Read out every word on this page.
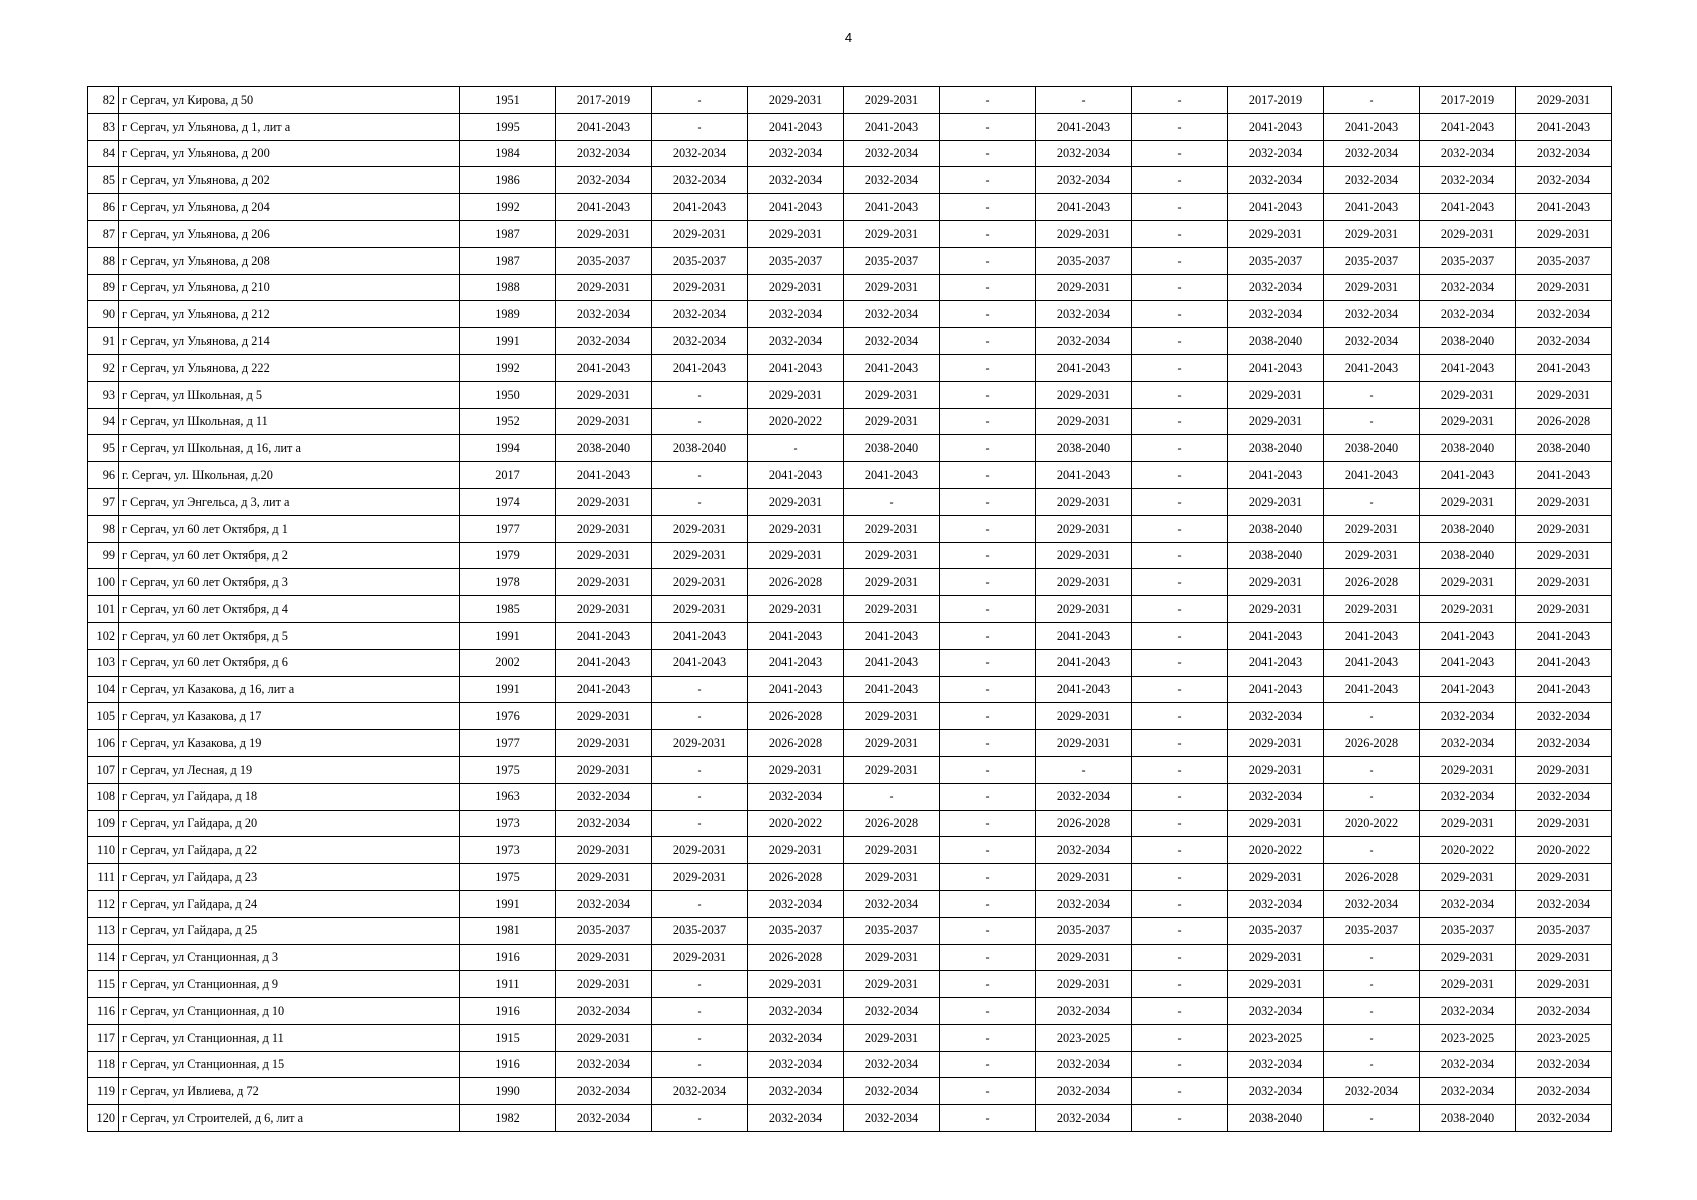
4
82	г Сергач, ул Кирова, д 50	1951	2017-2019	-	2029-2031	2029-2031	-	-	-	2017-2019	-	2017-2019	2029-2031
83	г Сергач, ул Ульянова, д 1, лит а	1995	2041-2043	-	2041-2043	2041-2043	-	2041-2043	-	2041-2043	2041-2043	2041-2043	2041-2043
84	г Сергач, ул Ульянова, д 200	1984	2032-2034	2032-2034	2032-2034	2032-2034	-	2032-2034	-	2032-2034	2032-2034	2032-2034	2032-2034
85	г Сергач, ул Ульянова, д 202	1986	2032-2034	2032-2034	2032-2034	2032-2034	-	2032-2034	-	2032-2034	2032-2034	2032-2034	2032-2034
86	г Сергач, ул Ульянова, д 204	1992	2041-2043	2041-2043	2041-2043	2041-2043	-	2041-2043	-	2041-2043	2041-2043	2041-2043	2041-2043
87	г Сергач, ул Ульянова, д 206	1987	2029-2031	2029-2031	2029-2031	2029-2031	-	2029-2031	-	2029-2031	2029-2031	2029-2031	2029-2031
88	г Сергач, ул Ульянова, д 208	1987	2035-2037	2035-2037	2035-2037	2035-2037	-	2035-2037	-	2035-2037	2035-2037	2035-2037	2035-2037
89	г Сергач, ул Ульянова, д 210	1988	2029-2031	2029-2031	2029-2031	2029-2031	-	2029-2031	-	2032-2034	2029-2031	2032-2034	2029-2031
90	г Сергач, ул Ульянова, д 212	1989	2032-2034	2032-2034	2032-2034	2032-2034	-	2032-2034	-	2032-2034	2032-2034	2032-2034	2032-2034
91	г Сергач, ул Ульянова, д 214	1991	2032-2034	2032-2034	2032-2034	2032-2034	-	2032-2034	-	2038-2040	2032-2034	2038-2040	2032-2034
92	г Сергач, ул Ульянова, д 222	1992	2041-2043	2041-2043	2041-2043	2041-2043	-	2041-2043	-	2041-2043	2041-2043	2041-2043	2041-2043
93	г Сергач, ул Школьная, д 5	1950	2029-2031	-	2029-2031	2029-2031	-	2029-2031	-	2029-2031	-	2029-2031	2029-2031
94	г Сергач, ул Школьная, д 11	1952	2029-2031	-	2020-2022	2029-2031	-	2029-2031	-	2029-2031	-	2029-2031	2026-2028
95	г Сергач, ул Школьная, д 16, лит а	1994	2038-2040	2038-2040	-	2038-2040	-	2038-2040	-	2038-2040	2038-2040	2038-2040	2038-2040
96	г. Сергач, ул. Школьная, д.20	2017	2041-2043	-	2041-2043	2041-2043	-	2041-2043	-	2041-2043	2041-2043	2041-2043	2041-2043
97	г Сергач, ул Энгельса, д 3, лит а	1974	2029-2031	-	2029-2031	-	-	2029-2031	-	2029-2031	-	2029-2031	2029-2031
98	г Сергач, ул 60 лет Октября, д 1	1977	2029-2031	2029-2031	2029-2031	2029-2031	-	2029-2031	-	2038-2040	2029-2031	2038-2040	2029-2031
99	г Сергач, ул 60 лет Октября, д 2	1979	2029-2031	2029-2031	2029-2031	2029-2031	-	2029-2031	-	2038-2040	2029-2031	2038-2040	2029-2031
100	г Сергач, ул 60 лет Октября, д 3	1978	2029-2031	2029-2031	2026-2028	2029-2031	-	2029-2031	-	2029-2031	2026-2028	2029-2031	2029-2031
101	г Сергач, ул 60 лет Октября, д 4	1985	2029-2031	2029-2031	2029-2031	2029-2031	-	2029-2031	-	2029-2031	2029-2031	2029-2031	2029-2031
102	г Сергач, ул 60 лет Октября, д 5	1991	2041-2043	2041-2043	2041-2043	2041-2043	-	2041-2043	-	2041-2043	2041-2043	2041-2043	2041-2043
103	г Сергач, ул 60 лет Октября, д 6	2002	2041-2043	2041-2043	2041-2043	2041-2043	-	2041-2043	-	2041-2043	2041-2043	2041-2043	2041-2043
104	г Сергач, ул Казакова, д 16, лит а	1991	2041-2043	-	2041-2043	2041-2043	-	2041-2043	-	2041-2043	2041-2043	2041-2043	2041-2043
105	г Сергач, ул Казакова, д 17	1976	2029-2031	-	2026-2028	2029-2031	-	2029-2031	-	2032-2034	-	2032-2034	2032-2034
106	г Сергач, ул Казакова, д 19	1977	2029-2031	2029-2031	2026-2028	2029-2031	-	2029-2031	-	2029-2031	2026-2028	2032-2034	2032-2034
107	г Сергач, ул Лесная, д 19	1975	2029-2031	-	2029-2031	2029-2031	-	-	-	2029-2031	-	2029-2031	2029-2031
108	г Сергач, ул Гайдара, д 18	1963	2032-2034	-	2032-2034	-	-	2032-2034	-	2032-2034	-	2032-2034	2032-2034
109	г Сергач, ул Гайдара, д 20	1973	2032-2034	-	2020-2022	2026-2028	-	2026-2028	-	2029-2031	2020-2022	2029-2031	2029-2031
110	г Сергач, ул Гайдара, д 22	1973	2029-2031	2029-2031	2029-2031	2029-2031	-	2032-2034	-	2020-2022	-	2020-2022	2020-2022
111	г Сергач, ул Гайдара, д 23	1975	2029-2031	2029-2031	2026-2028	2029-2031	-	2029-2031	-	2029-2031	2026-2028	2029-2031	2029-2031
112	г Сергач, ул Гайдара, д 24	1991	2032-2034	-	2032-2034	2032-2034	-	2032-2034	-	2032-2034	2032-2034	2032-2034	2032-2034
113	г Сергач, ул Гайдара, д 25	1981	2035-2037	2035-2037	2035-2037	2035-2037	-	2035-2037	-	2035-2037	2035-2037	2035-2037	2035-2037
114	г Сергач, ул Станционная, д 3	1916	2029-2031	2029-2031	2026-2028	2029-2031	-	2029-2031	-	2029-2031	-	2029-2031	2029-2031
115	г Сергач, ул Станционная, д 9	1911	2029-2031	-	2029-2031	2029-2031	-	2029-2031	-	2029-2031	-	2029-2031	2029-2031
116	г Сергач, ул Станционная, д 10	1916	2032-2034	-	2032-2034	2032-2034	-	2032-2034	-	2032-2034	-	2032-2034	2032-2034
117	г Сергач, ул Станционная, д 11	1915	2029-2031	-	2032-2034	2029-2031	-	2023-2025	-	2023-2025	-	2023-2025	2023-2025
118	г Сергач, ул Станционная, д 15	1916	2032-2034	-	2032-2034	2032-2034	-	2032-2034	-	2032-2034	-	2032-2034	2032-2034
119	г Сергач, ул Ивлиева, д 72	1990	2032-2034	2032-2034	2032-2034	2032-2034	-	2032-2034	-	2032-2034	2032-2034	2032-2034	2032-2034
120	г Сергач, ул Строителей, д 6, лит а	1982	2032-2034	-	2032-2034	2032-2034	-	2032-2034	-	2038-2040	-	2038-2040	2032-2034
